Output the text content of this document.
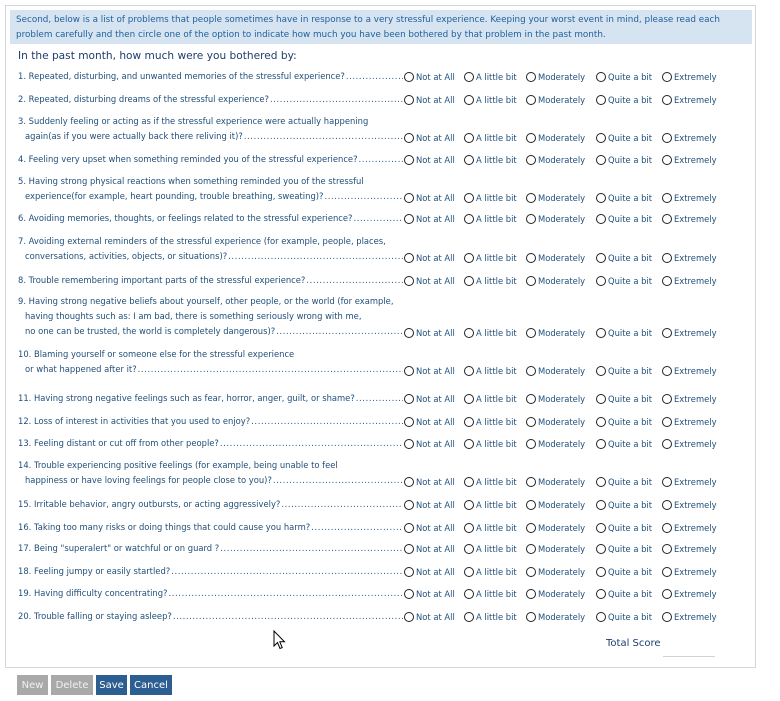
Second, below is a list of problems that people sometimes have in response to a very stressful experience. Keeping your worst event in mind, please read each problem carefully and then circle one of the option to indicate how much you have been bothered by that problem in the past month.
In the past month, how much were you bothered by:
1. Repeated, disturbing, and unwanted memories of the stressful experience? .....	Not at All	A little bit	Moderately	Quite a bit	Extremely
2. Repeated, disturbing dreams of the stressful experience? .....	Not at All	A little bit	Moderately	Quite a bit	Extremely
3. Suddenly feeling or acting as if the stressful experience were actually happening
again(as if you were actually back there reliving it)? .....	Not at All	A little bit	Moderately	Quite a bit	Extremely
4. Feeling very upset when something reminded you of the stressful experience? .....	Not at All	A little bit	Moderately	Quite a bit	Extremely
5. Having strong physical reactions when something reminded you of the stressful
experience(for example, heart pounding, trouble breathing, sweating)? .....	Not at All	A little bit	Moderately	Quite a bit	Extremely
6. Avoiding memories, thoughts, or feelings related to the stressful experience? .....	Not at All	A little bit	Moderately	Quite a bit	Extremely
7. Avoiding external reminders of the stressful experience (for example, people, places,
conversations, activities, objects, or situations)? .....	Not at All	A little bit	Moderately	Quite a bit	Extremely
8. Trouble remembering important parts of the stressful experience? .....	Not at All	A little bit	Moderately	Quite a bit	Extremely
9. Having strong negative beliefs about yourself, other people, or the world (for example,
having thoughts such as: I am bad, there is something seriously wrong with me,
no one can be trusted, the world is completely dangerous)? .....	Not at All	A little bit	Moderately	Quite a bit	Extremely
10. Blaming yourself or someone else for the stressful experience
or what happened after it? .....	Not at All	A little bit	Moderately	Quite a bit	Extremely
11. Having strong negative feelings such as fear, horror, anger, guilt, or shame? .....	Not at All	A little bit	Moderately	Quite a bit	Extremely
12. Loss of interest in activities that you used to enjoy? .....	Not at All	A little bit	Moderately	Quite a bit	Extremely
13. Feeling distant or cut off from other people? .....	Not at All	A little bit	Moderately	Quite a bit	Extremely
14. Trouble experiencing positive feelings (for example, being unable to feel
happiness or have loving feelings for people close to you)? .....	Not at All	A little bit	Moderately	Quite a bit	Extremely
15. Irritable behavior, angry outbursts, or acting aggressively? .....	Not at All	A little bit	Moderately	Quite a bit	Extremely
16. Taking too many risks or doing things that could cause you harm? .....	Not at All	A little bit	Moderately	Quite a bit	Extremely
17. Being "superalert" or watchful or on guard ? .....	Not at All	A little bit	Moderately	Quite a bit	Extremely
18. Feeling jumpy or easily startled? .....	Not at All	A little bit	Moderately	Quite a bit	Extremely
19. Having difficulty concentrating? .....	Not at All	A little bit	Moderately	Quite a bit	Extremely
20. Trouble falling or staying asleep? .....	Not at All	A little bit	Moderately	Quite a bit	Extremely
Total Score
New	Delete	Save	Cancel
